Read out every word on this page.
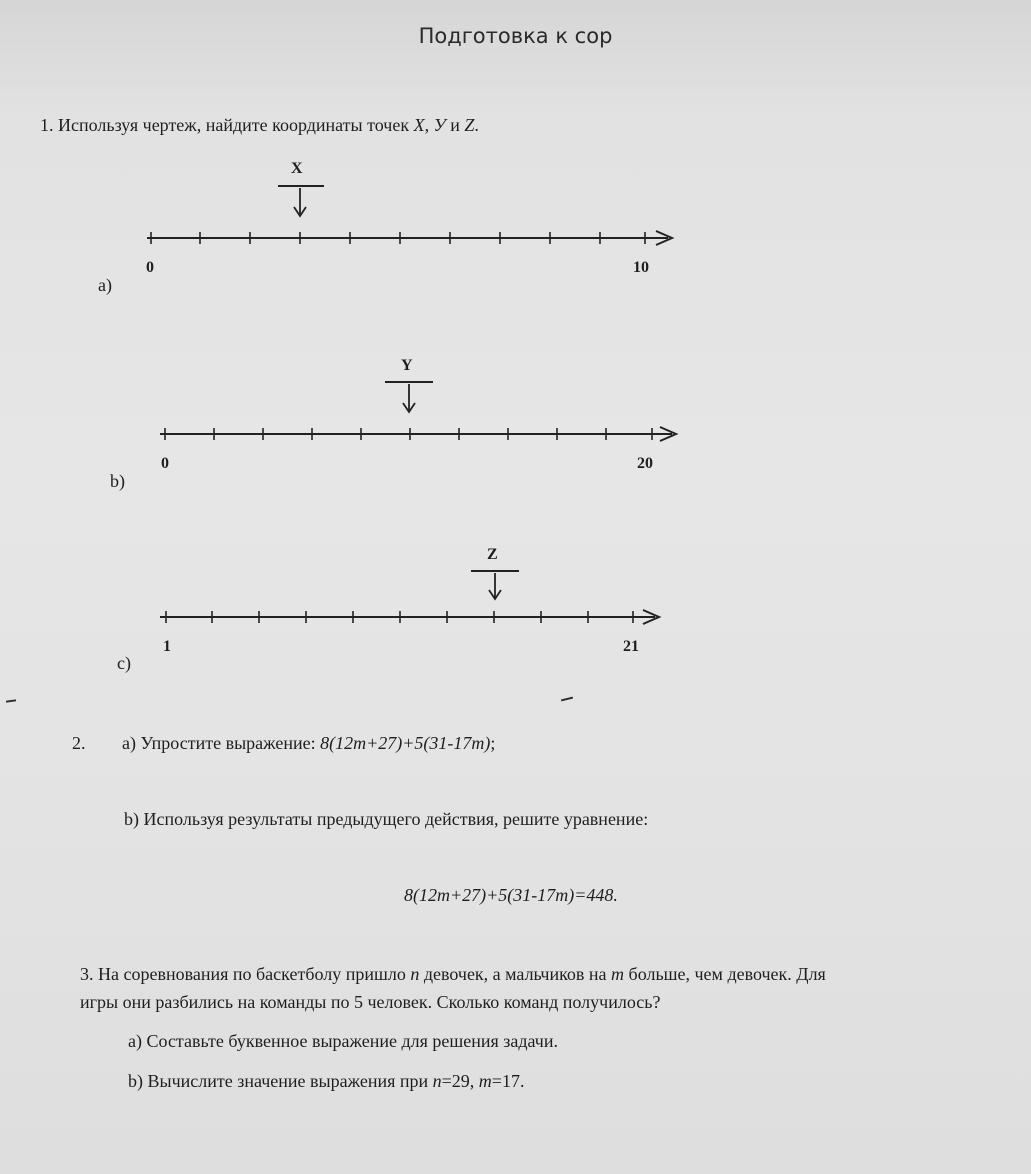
Подготовка к сор
1. Используя чертеж, найдите координаты точек X, У и Z.
X
0	10
a)
Y
0	20
b)
Z
1	21
c)
2. а) Упростите выражение: 8(12m+27)+5(31-17m);
b) Используя результаты предыдущего действия, решите уравнение:
8(12m+27)+5(31-17m)=448.
3. На соревнования по баскетболу пришло n девочек, а мальчиков на m больше, чем девочек. Для
игры они разбились на команды по 5 человек. Сколько команд получилось?
а) Составьте буквенное выражение для решения задачи.
b) Вычислите значение выражения при n=29, m=17.
